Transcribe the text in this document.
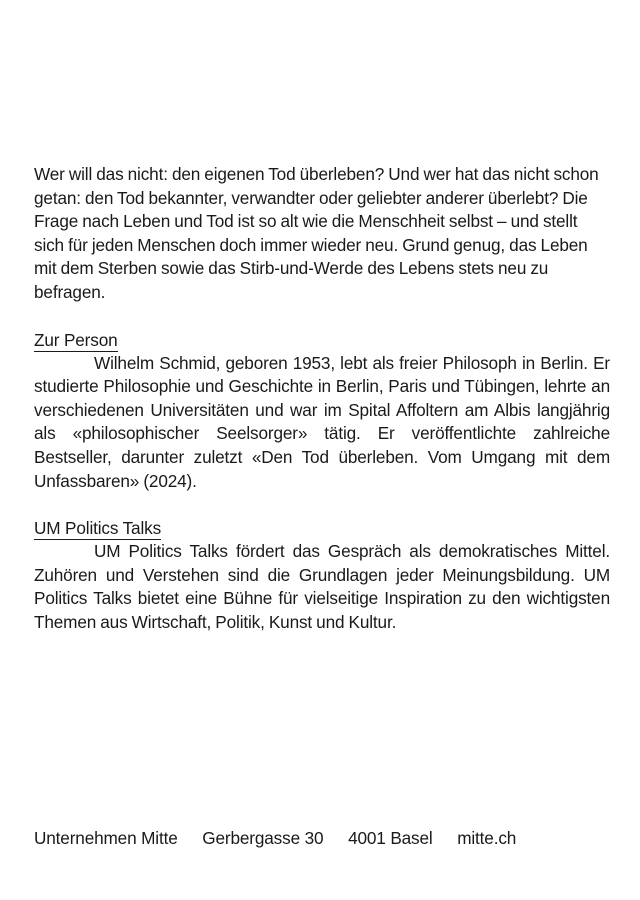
Wer will das nicht: den eigenen Tod überleben? Und wer hat das nicht schon getan: den Tod bekannter, verwandter oder geliebter anderer überlebt? Die Frage nach Leben und Tod ist so alt wie die Menschheit selbst – und stellt sich für jeden Menschen doch immer wieder neu. Grund genug, das Leben mit dem Sterben sowie das Stirb-und-Werde des Lebens stets neu zu befragen.

Zur Person

Wilhelm Schmid, geboren 1953, lebt als freier Philosoph in Berlin. Er studierte Philosophie und Geschichte in Berlin, Paris und Tübingen, lehrte an verschiedenen Universitäten und war im Spital Affoltern am Albis langjährig als «philosophischer Seelsorger» tätig. Er veröffentlichte zahlreiche Bestseller, darunter zuletzt «Den Tod überleben. Vom Umgang mit dem Unfassbaren» (2024).

UM Politics Talks

UM Politics Talks fördert das Gespräch als demokratisches Mittel. Zuhören und Verstehen sind die Grundlagen jeder Meinungsbildung. UM Politics Talks bietet eine Bühne für vielseitige Inspiration zu den wichtigsten Themen aus Wirtschaft, Politik, Kunst und Kultur.

Unternehmen Mitte Gerbergasse 30 4001 Basel mitte.ch
